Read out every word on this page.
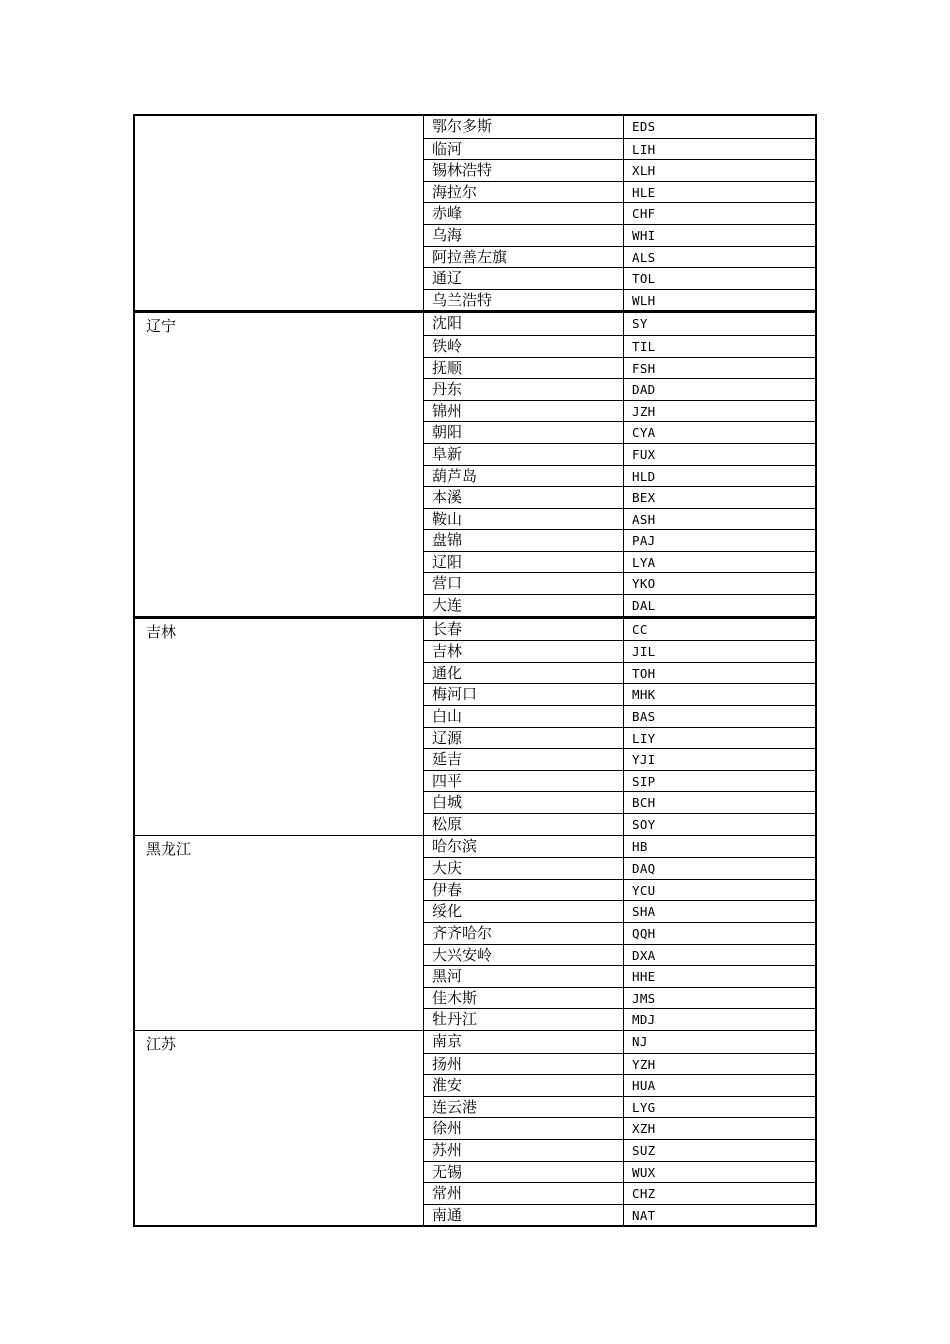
鄂尔多斯	EDS
临河	LIH
锡林浩特	XLH
海拉尔	HLE
赤峰	CHF
乌海	WHI
阿拉善左旗	ALS
通辽	TOL
乌兰浩特	WLH
辽宁	沈阳	SY
铁岭	TIL
抚顺	FSH
丹东	DAD
锦州	JZH
朝阳	CYA
阜新	FUX
葫芦岛	HLD
本溪	BEX
鞍山	ASH
盘锦	PAJ
辽阳	LYA
营口	YKO
大连	DAL
吉林	长春	CC
吉林	JIL
通化	TOH
梅河口	MHK
白山	BAS
辽源	LIY
延吉	YJI
四平	SIP
白城	BCH
松原	SOY
黑龙江	哈尔滨	HB
大庆	DAQ
伊春	YCU
绥化	SHA
齐齐哈尔	QQH
大兴安岭	DXA
黑河	HHE
佳木斯	JMS
牡丹江	MDJ
江苏	南京	NJ
扬州	YZH
淮安	HUA
连云港	LYG
徐州	XZH
苏州	SUZ
无锡	WUX
常州	CHZ
南通	NAT
